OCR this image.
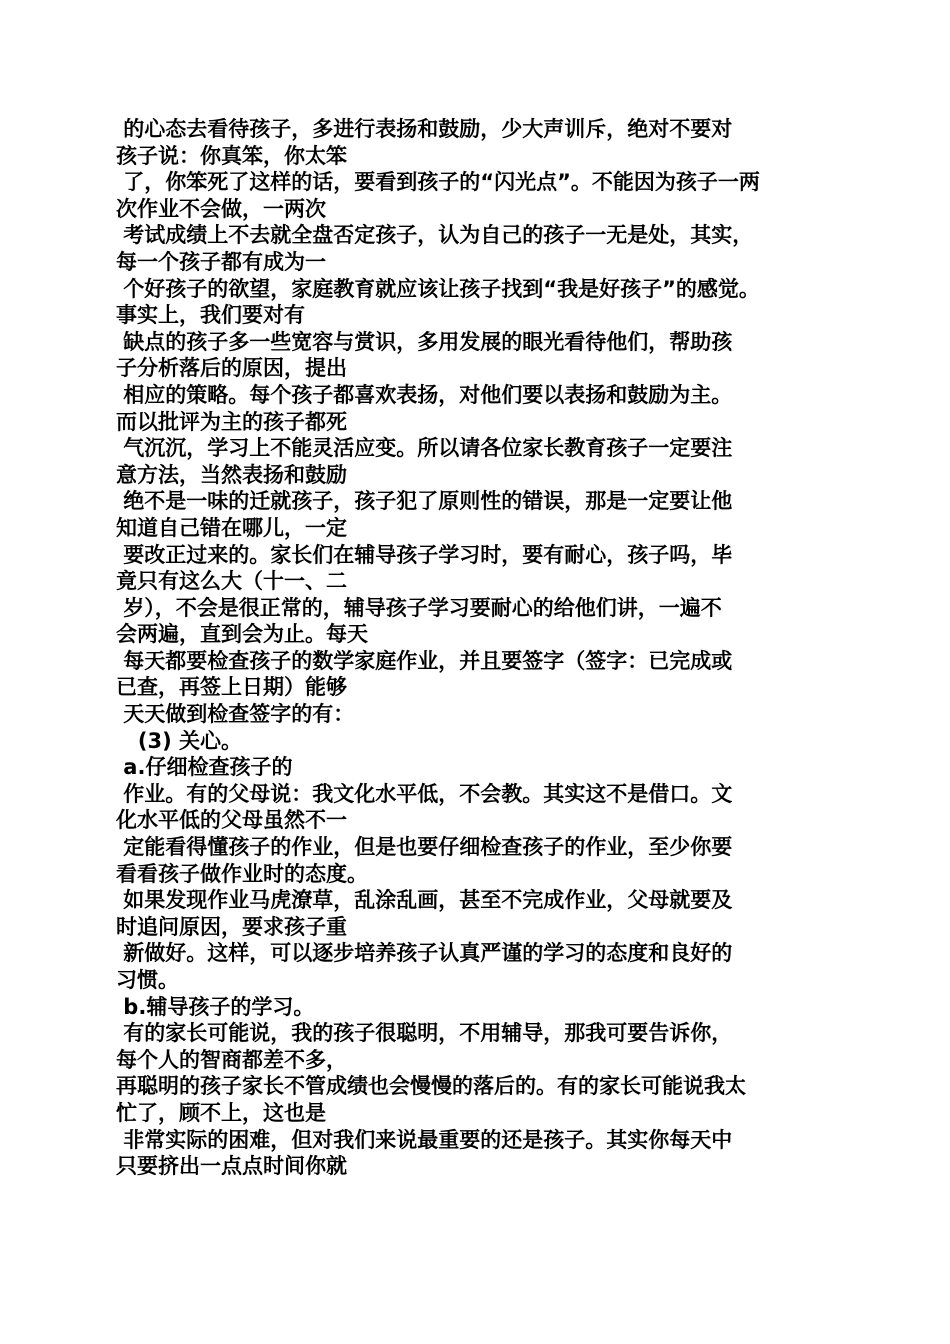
的心态去看待孩子，多进行表扬和鼓励，少大声训斥，绝对不要对
孩子说：你真笨，你太笨
了，你笨死了这样的话，要看到孩子的“闪光点”。不能因为孩子一两
次作业不会做，一两次
考试成绩上不去就全盘否定孩子，认为自己的孩子一无是处，其实，
每一个孩子都有成为一
个好孩子的欲望，家庭教育就应该让孩子找到“我是好孩子”的感觉。
事实上，我们要对有
缺点的孩子多一些宽容与赏识，多用发展的眼光看待他们，帮助孩
子分析落后的原因，提出
相应的策略。每个孩子都喜欢表扬，对他们要以表扬和鼓励为主。
而以批评为主的孩子都死
气沉沉，学习上不能灵活应变。所以请各位家长教育孩子一定要注
意方法，当然表扬和鼓励
绝不是一味的迁就孩子，孩子犯了原则性的错误，那是一定要让他
知道自己错在哪儿，一定
要改正过来的。家长们在辅导孩子学习时，要有耐心，孩子吗，毕
竟只有这么大（十一、二
岁），不会是很正常的，辅导孩子学习要耐心的给他们讲，一遍不
会两遍，直到会为止。每天
每天都要检查孩子的数学家庭作业，并且要签字（签字：已完成或
已查，再签上日期）能够
天天做到检查签字的有：
(3) 关心。
a.仔细检查孩子的
作业。有的父母说：我文化水平低，不会教。其实这不是借口。文
化水平低的父母虽然不一
定能看得懂孩子的作业，但是也要仔细检查孩子的作业，至少你要
看看孩子做作业时的态度。
如果发现作业马虎潦草，乱涂乱画，甚至不完成作业，父母就要及
时追问原因，要求孩子重
新做好。这样，可以逐步培养孩子认真严谨的学习的态度和良好的
习惯。
b.辅导孩子的学习。
有的家长可能说，我的孩子很聪明，不用辅导，那我可要告诉你，
每个人的智商都差不多，
再聪明的孩子家长不管成绩也会慢慢的落后的。有的家长可能说我太
忙了，顾不上，这也是
非常实际的困难，但对我们来说最重要的还是孩子。其实你每天中
只要挤出一点点时间你就
